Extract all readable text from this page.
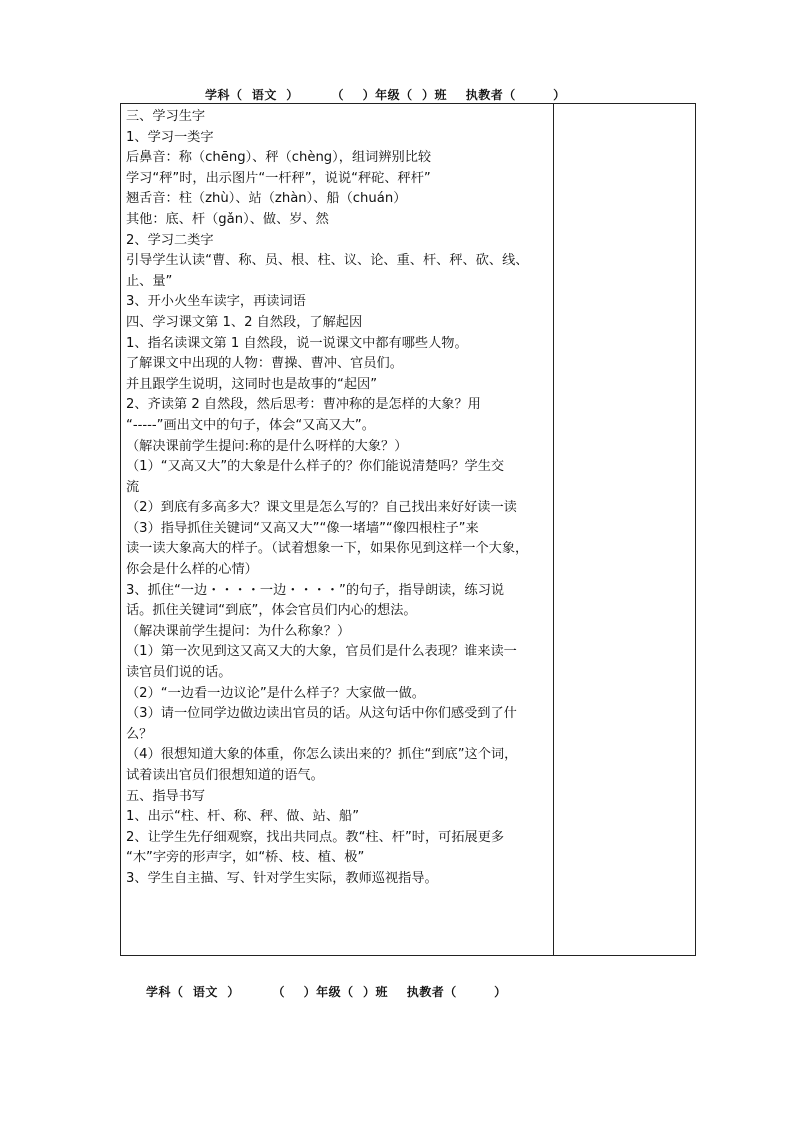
学科（  语文  ）       （    ）年级（  ）班    执教者（        ）
三、学习生字
1、学习一类字
后鼻音：称（chēng）、秤（chèng），组词辨别比较
学习“秤”时，出示图片“一杆秤”，说说“秤砣、秤杆”
翘舌音：柱（zhù）、站（zhàn）、船（chuán）
其他：底、杆（gǎn）、做、岁、然
2、学习二类字
引导学生认读“曹、称、员、根、柱、议、论、重、杆、秤、砍、线、
止、量”
3、开小火坐车读字，再读词语
四、学习课文第 1、2 自然段，了解起因
1、指名读课文第 1 自然段，说一说课文中都有哪些人物。
了解课文中出现的人物：曹操、曹冲、官员们。
并且跟学生说明，这同时也是故事的“起因”
2、齐读第 2 自然段，然后思考：曹冲称的是怎样的大象？用
“-----”画出文中的句子，体会“又高又大”。
（解决课前学生提问:称的是什么呀样的大象？）
（1）“又高又大”的大象是什么样子的？你们能说清楚吗？学生交
流
（2）到底有多高多大？课文里是怎么写的？自己找出来好好读一读
（3）指导抓住关键词“又高又大”“像一堵墙”“像四根柱子”来
读一读大象高大的样子。（试着想象一下，如果你见到这样一个大象，
你会是什么样的心情）
3、抓住“一边・・・・一边・・・・”的句子，指导朗读，练习说
话。抓住关键词“到底”，体会官员们内心的想法。
（解决课前学生提问：为什么称象？）
（1）第一次见到这又高又大的大象，官员们是什么表现？谁来读一
读官员们说的话。
（2）“一边看一边议论”是什么样子？大家做一做。
（3）请一位同学边做边读出官员的话。从这句话中你们感受到了什
么？
（4）很想知道大象的体重，你怎么读出来的？抓住“到底”这个词，
试着读出官员们很想知道的语气。
五、指导书写
1、出示“柱、杆、称、秤、做、站、船”
2、让学生先仔细观察，找出共同点。教“柱、杆”时，可拓展更多
“木”字旁的形声字，如“桥、枝、植、极”
3、学生自主描、写、针对学生实际，教师巡视指导。
学科（  语文  ）       （    ）年级（  ）班    执教者（        ）
